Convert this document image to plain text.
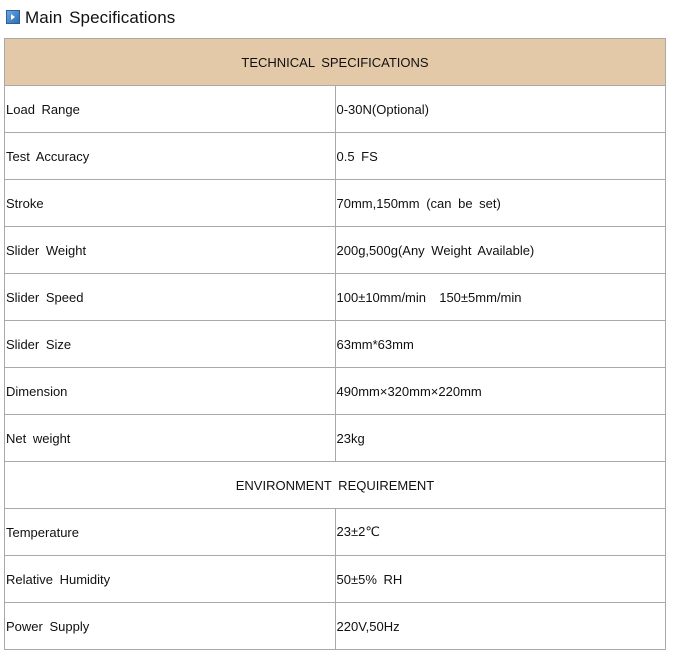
Main Specifications
TECHNICAL SPECIFICATIONS	
Load Range	0-30N(Optional)
Test Accuracy	0.5 FS
Stroke	70mm,150mm (can be set)
Slider Weight	200g,500g(Any Weight Available)
Slider Speed	100±10mm/min  150±5mm/min
Slider Size	63mm*63mm
Dimension	490mm×320mm×220mm
Net weight	23kg
ENVIRONMENT REQUIREMENT	
Temperature	23±2℃
Relative Humidity	50±5% RH
Power Supply	220V,50Hz
